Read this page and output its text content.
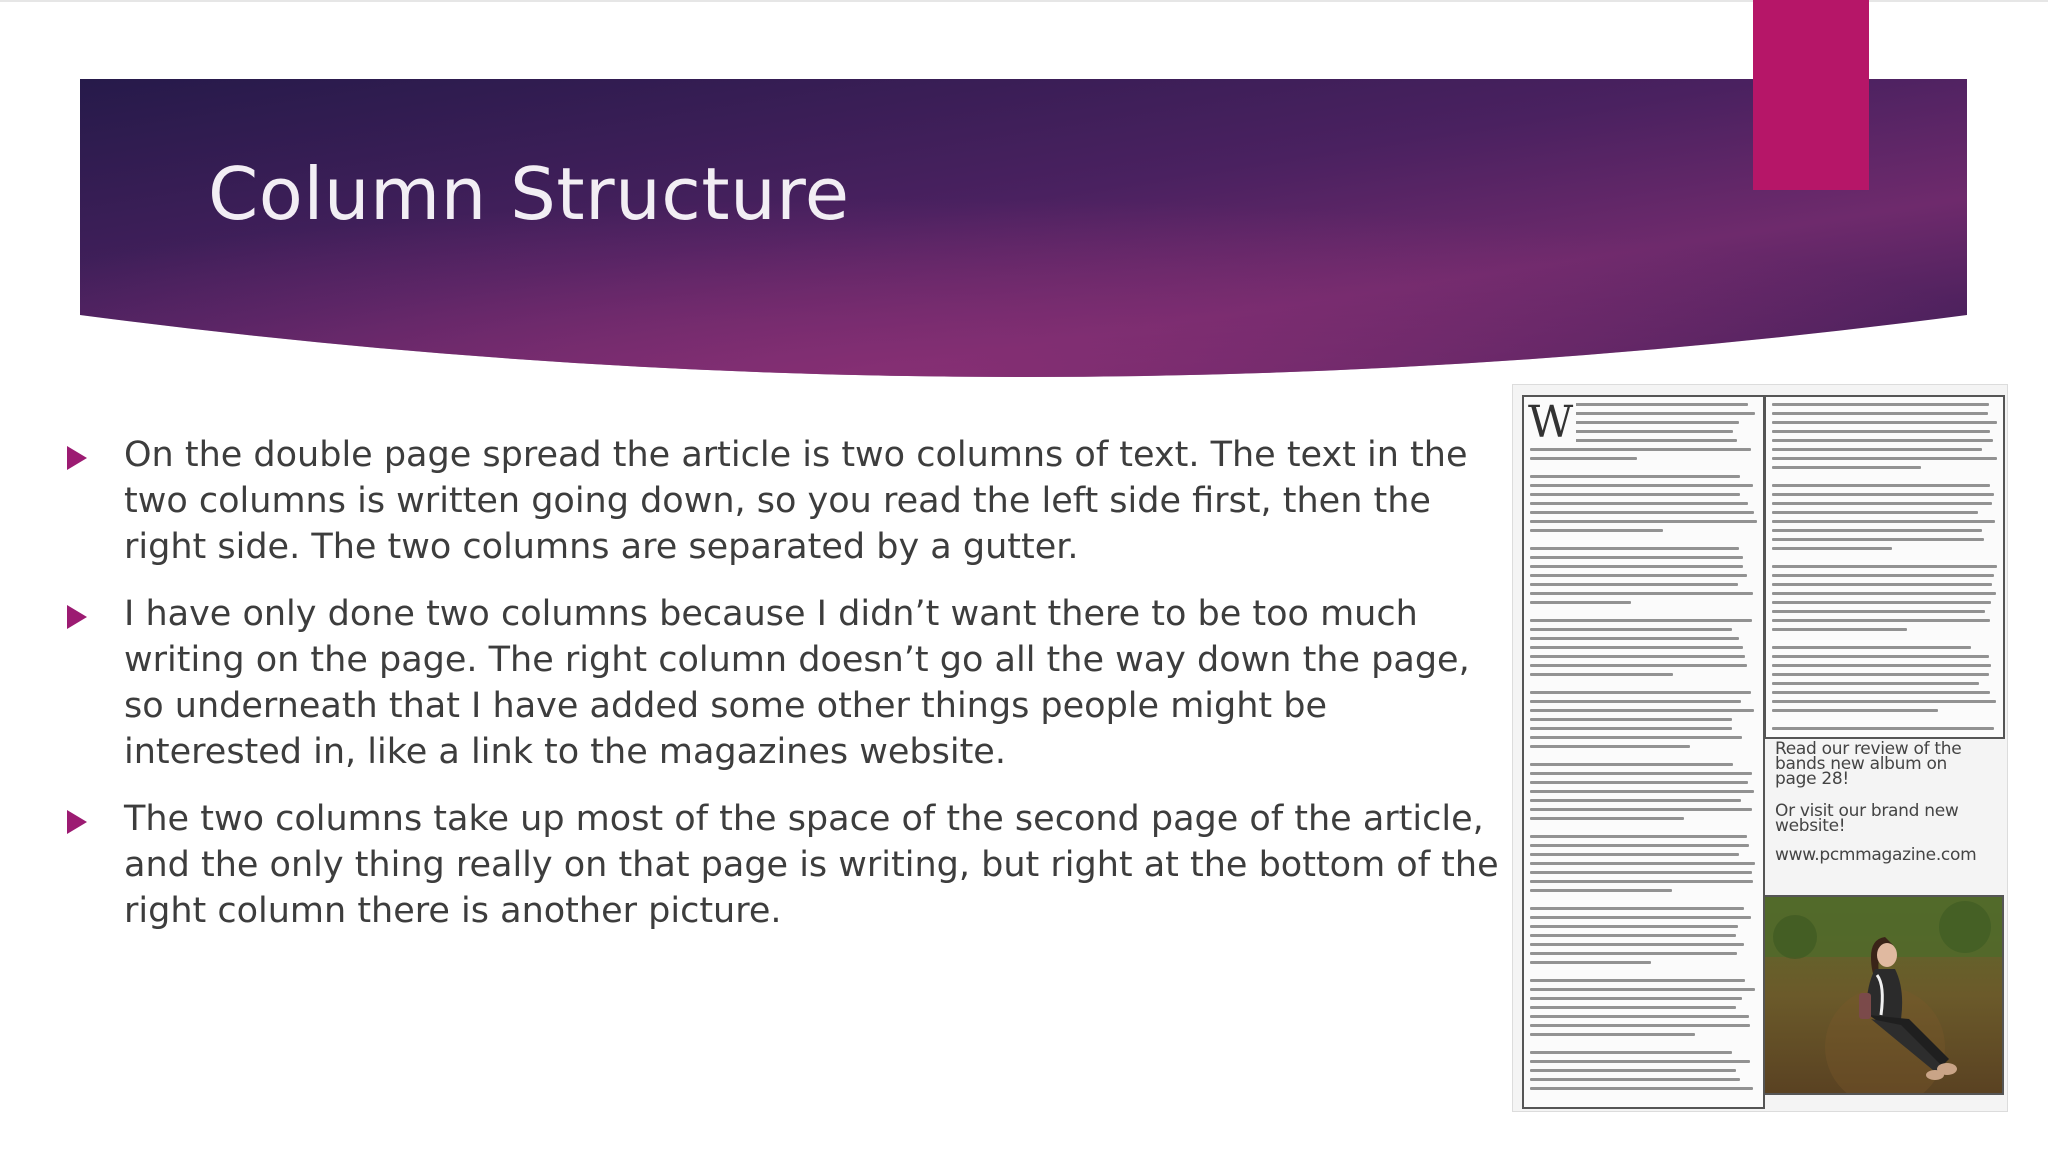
Column Structure
On the double page spread the article is two columns of text. The text in the two columns is written going down, so you read the left side first, then the right side. The two columns are separated by a gutter.
I have only done two columns because I didn’t want there to be too much writing on the page. The right column doesn’t go all the way down the page, so underneath that I have added some other things people might be interested in, like a link to the magazines website.
The two columns take up most of the space of the second page of the article, and the only thing really on that page is writing, but right at the bottom of the right column there is another picture.
W
Read our review of the
bands new album on
page 28!
Or visit our brand new
website!
www.pcmmagazine.com
